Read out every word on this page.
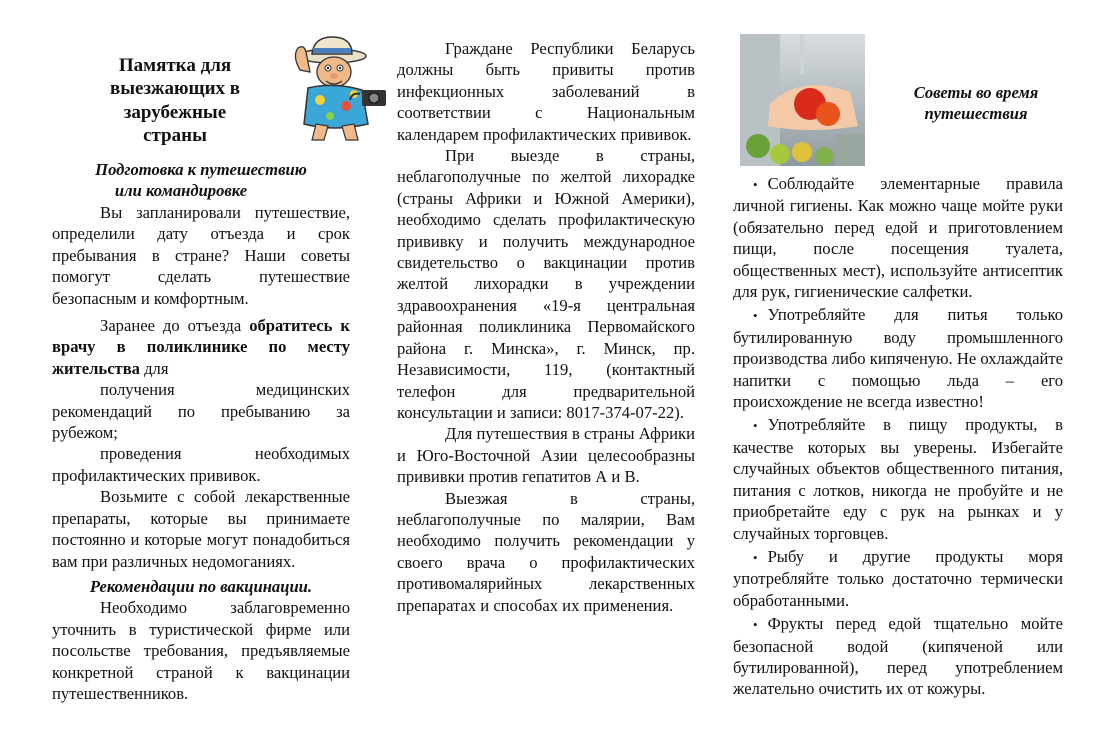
Памятка для выезжающих в зарубежные страны
Подготовка к путешествию
или командировке

Вы запланировали путешествие, определили дату отъезда и срок пребывания в стране? Наши советы помогут сделать путешествие безопасным и комфортным.

Заранее до отъезда обратитесь к врачу в поликлинике по месту жительства для

получения медицинских рекомендаций по пребыванию за рубежом;

проведения необходимых профилактических прививок.

Возьмите с собой лекарственные препараты, которые вы принимаете постоянно и которые могут понадобиться вам при различных недомоганиях.

Рекомендации по вакцинации.

Необходимо заблаговременно уточнить в туристической фирме или посольстве требования, предъявляемые конкретной страной к вакцинации путешественников.

Граждане Республики Беларусь должны быть привиты против инфекционных заболеваний в соответствии с Национальным календарем профилактических прививок.

При выезде в страны, неблагополучные по желтой лихорадке (страны Африки и Южной Америки), необходимо сделать профилактическую прививку и получить международное свидетельство о вакцинации против желтой лихорадки в учреждении здравоохранения «19-я центральная районная поликлиника Первомайского района г. Минска», г. Минск, пр. Независимости, 119, (контактный телефон для предварительной консультации и записи: 8017-374-07-22).

Для путешествия в страны Африки и Юго-Восточной Азии целесообразны прививки против гепатитов А и В.

Выезжая в страны, неблагополучные по малярии, Вам необходимо получить рекомендации у своего врача о профилактических противомалярийных лекарственных препаратах и способах их применения.

Советы во время путешествия

• Соблюдайте элементарные правила личной гигиены. Как можно чаще мойте руки (обязательно перед едой и приготовлением пищи, после посещения туалета, общественных мест), используйте антисептик для рук, гигиенические салфетки.

• Употребляйте для питья только бутилированную воду промышленного производства либо кипяченую. Не охлаждайте напитки с помощью льда – его происхождение не всегда известно!

• Употребляйте в пищу продукты, в качестве которых вы уверены. Избегайте случайных объектов общественного питания, питания с лотков, никогда не пробуйте и не приобретайте еду с рук на рынках и у случайных торговцев.

• Рыбу и другие продукты моря употребляйте только достаточно термически обработанными.

• Фрукты перед едой тщательно мойте безопасной водой (кипяченой или бутилированной), перед употреблением желательно очистить их от кожуры.
